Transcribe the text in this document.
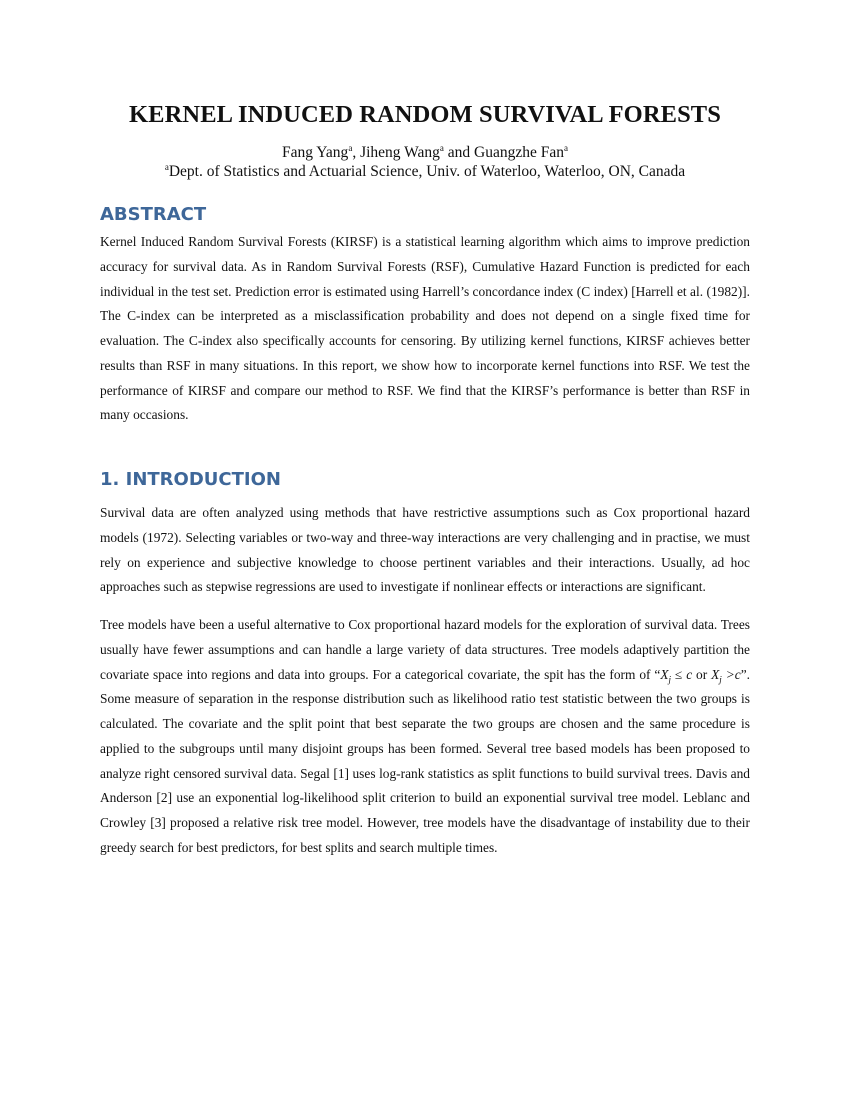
KERNEL INDUCED RANDOM SURVIVAL FORESTS
Fang Yang$^a$, Jiheng Wang$^a$ and Guangzhe Fan$^a$
$^a$Dept. of Statistics and Actuarial Science, Univ. of Waterloo, Waterloo, ON, Canada
ABSTRACT

Kernel Induced Random Survival Forests (KIRSF) is a statistical learning algorithm which aims to improve prediction accuracy for survival data. As in Random Survival Forests (RSF), Cumulative Hazard Function is predicted for each individual in the test set. Prediction error is estimated using Harrell’s concordance index (C index) [Harrell et al. (1982)]. The C-index can be interpreted as a misclassification probability and does not depend on a single fixed time for evaluation. The C-index also specifically accounts for censoring. By utilizing kernel functions, KIRSF achieves better results than RSF in many situations. In this report, we show how to incorporate kernel functions into RSF. We test the performance of KIRSF and compare our method to RSF. We find that the KIRSF’s performance is better than RSF in many occasions.

1. INTRODUCTION

Survival data are often analyzed using methods that have restrictive assumptions such as Cox proportional hazard models (1972). Selecting variables or two-way and three-way interactions are very challenging and in practise, we must rely on experience and subjective knowledge to choose pertinent variables and their interactions. Usually, ad hoc approaches such as stepwise regressions are used to investigate if nonlinear effects or interactions are significant.

Tree models have been a useful alternative to Cox proportional hazard models for the exploration of survival data. Trees usually have fewer assumptions and can handle a large variety of data structures. Tree models adaptively partition the covariate space into regions and data into groups. For a categorical covariate, the spit has the form of “$X_j \le c$ or $X_j >c$”. Some measure of separation in the response distribution such as likelihood ratio test statistic between the two groups is calculated. The covariate and the split point that best separate the two groups are chosen and the same procedure is applied to the subgroups until many disjoint groups has been formed. Several tree based models has been proposed to analyze right censored survival data. Segal [1] uses log-rank statistics as split functions to build survival trees. Davis and Anderson [2] use an exponential log-likelihood split criterion to build an exponential survival tree model. Leblanc and Crowley [3] proposed a relative risk tree model. However, tree models have the disadvantage of instability due to their greedy search for best predictors, for best splits and search multiple times.
